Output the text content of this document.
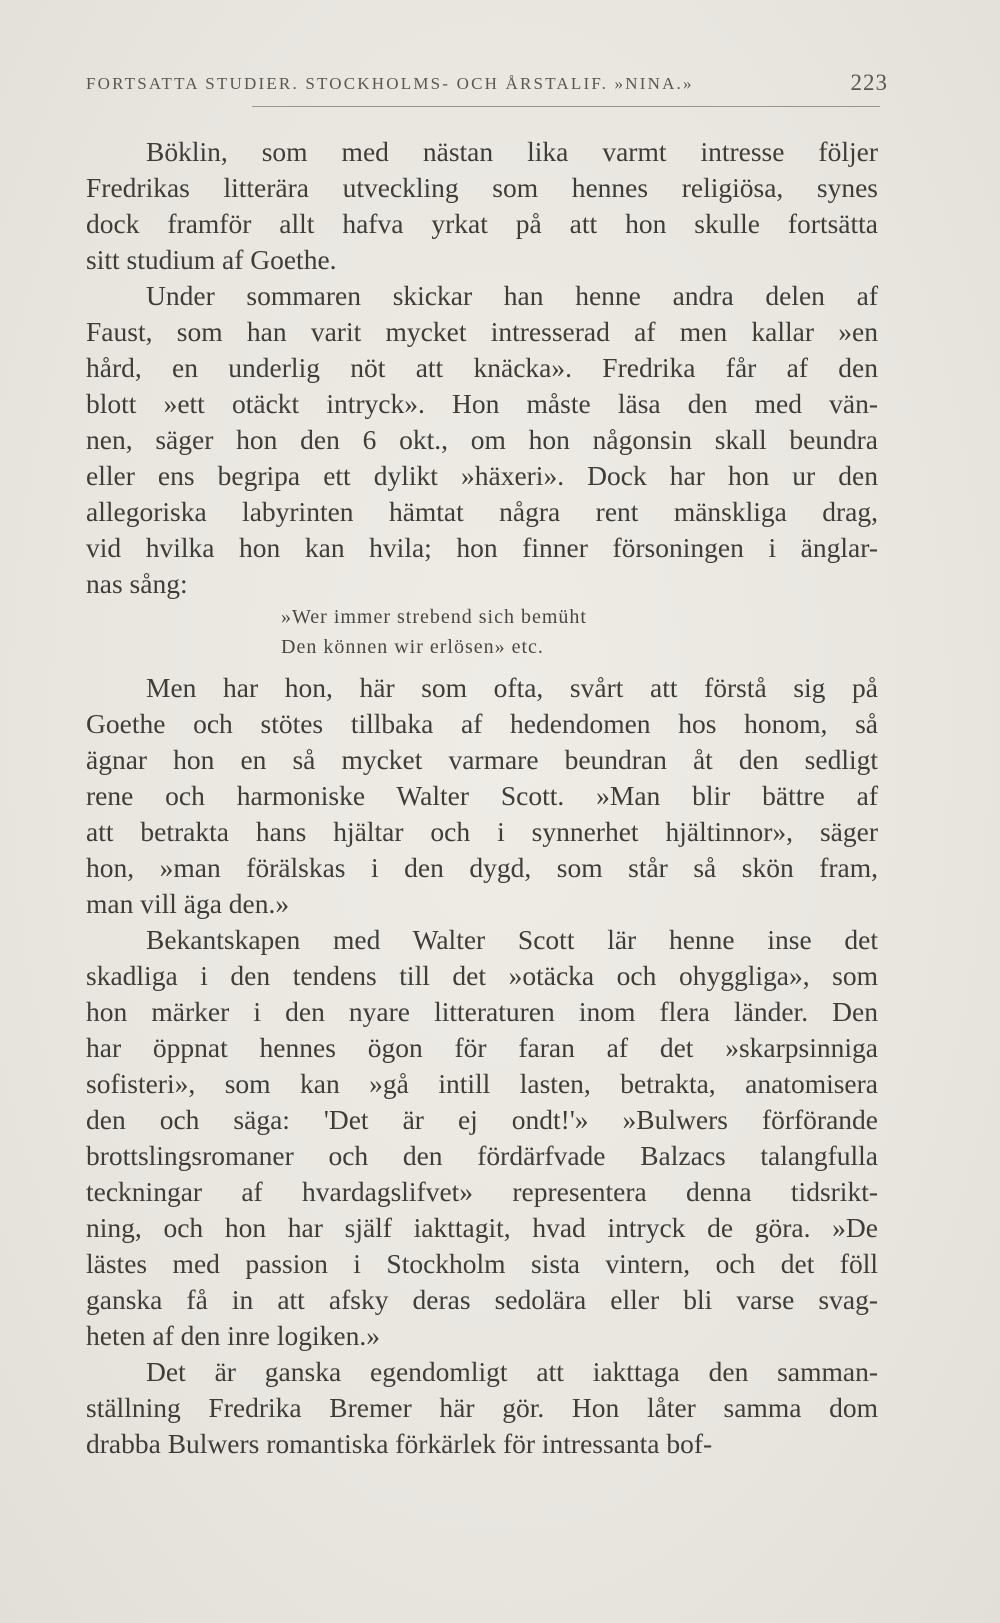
FORTSATTA STUDIER. STOCKHOLMS- OCH ÅRSTALIF. »NINA.»	223
Böklin, som med nästan lika varmt intresse följer
Fredrikas litterära utveckling som hennes religiösa, synes
dock framför allt hafva yrkat på att hon skulle fortsätta
sitt studium af Goethe.
Under sommaren skickar han henne andra delen af
Faust, som han varit mycket intresserad af men kallar »en
hård, en underlig nöt att knäcka». Fredrika får af den
blott »ett otäckt intryck». Hon måste läsa den med vän-
nen, säger hon den 6 okt., om hon någonsin skall beundra
eller ens begripa ett dylikt »häxeri». Dock har hon ur den
allegoriska labyrinten hämtat några rent mänskliga drag,
vid hvilka hon kan hvila; hon finner försoningen i änglar-
nas sång:
»Wer immer strebend sich bemüht
Den können wir erlösen» etc.
Men har hon, här som ofta, svårt att förstå sig på
Goethe och stötes tillbaka af hedendomen hos honom, så
ägnar hon en så mycket varmare beundran åt den sedligt
rene och harmoniske Walter Scott. »Man blir bättre af
att betrakta hans hjältar och i synnerhet hjältinnor», säger
hon, »man förälskas i den dygd, som står så skön fram,
man vill äga den.»
Bekantskapen med Walter Scott lär henne inse det
skadliga i den tendens till det »otäcka och ohyggliga», som
hon märker i den nyare litteraturen inom flera länder. Den
har öppnat hennes ögon för faran af det »skarpsinniga
sofisteri», som kan »gå intill lasten, betrakta, anatomisera
den och säga: 'Det är ej ondt!'» »Bulwers förförande
brottslingsromaner och den fördärfvade Balzacs talangfulla
teckningar af hvardagslifvet» representera denna tidsrikt-
ning, och hon har själf iakttagit, hvad intryck de göra. »De
lästes med passion i Stockholm sista vintern, och det föll
ganska få in att afsky deras sedolära eller bli varse svag-
heten af den inre logiken.»
Det är ganska egendomligt att iakttaga den samman-
ställning Fredrika Bremer här gör. Hon låter samma dom
drabba Bulwers romantiska förkärlek för intressanta bof-
